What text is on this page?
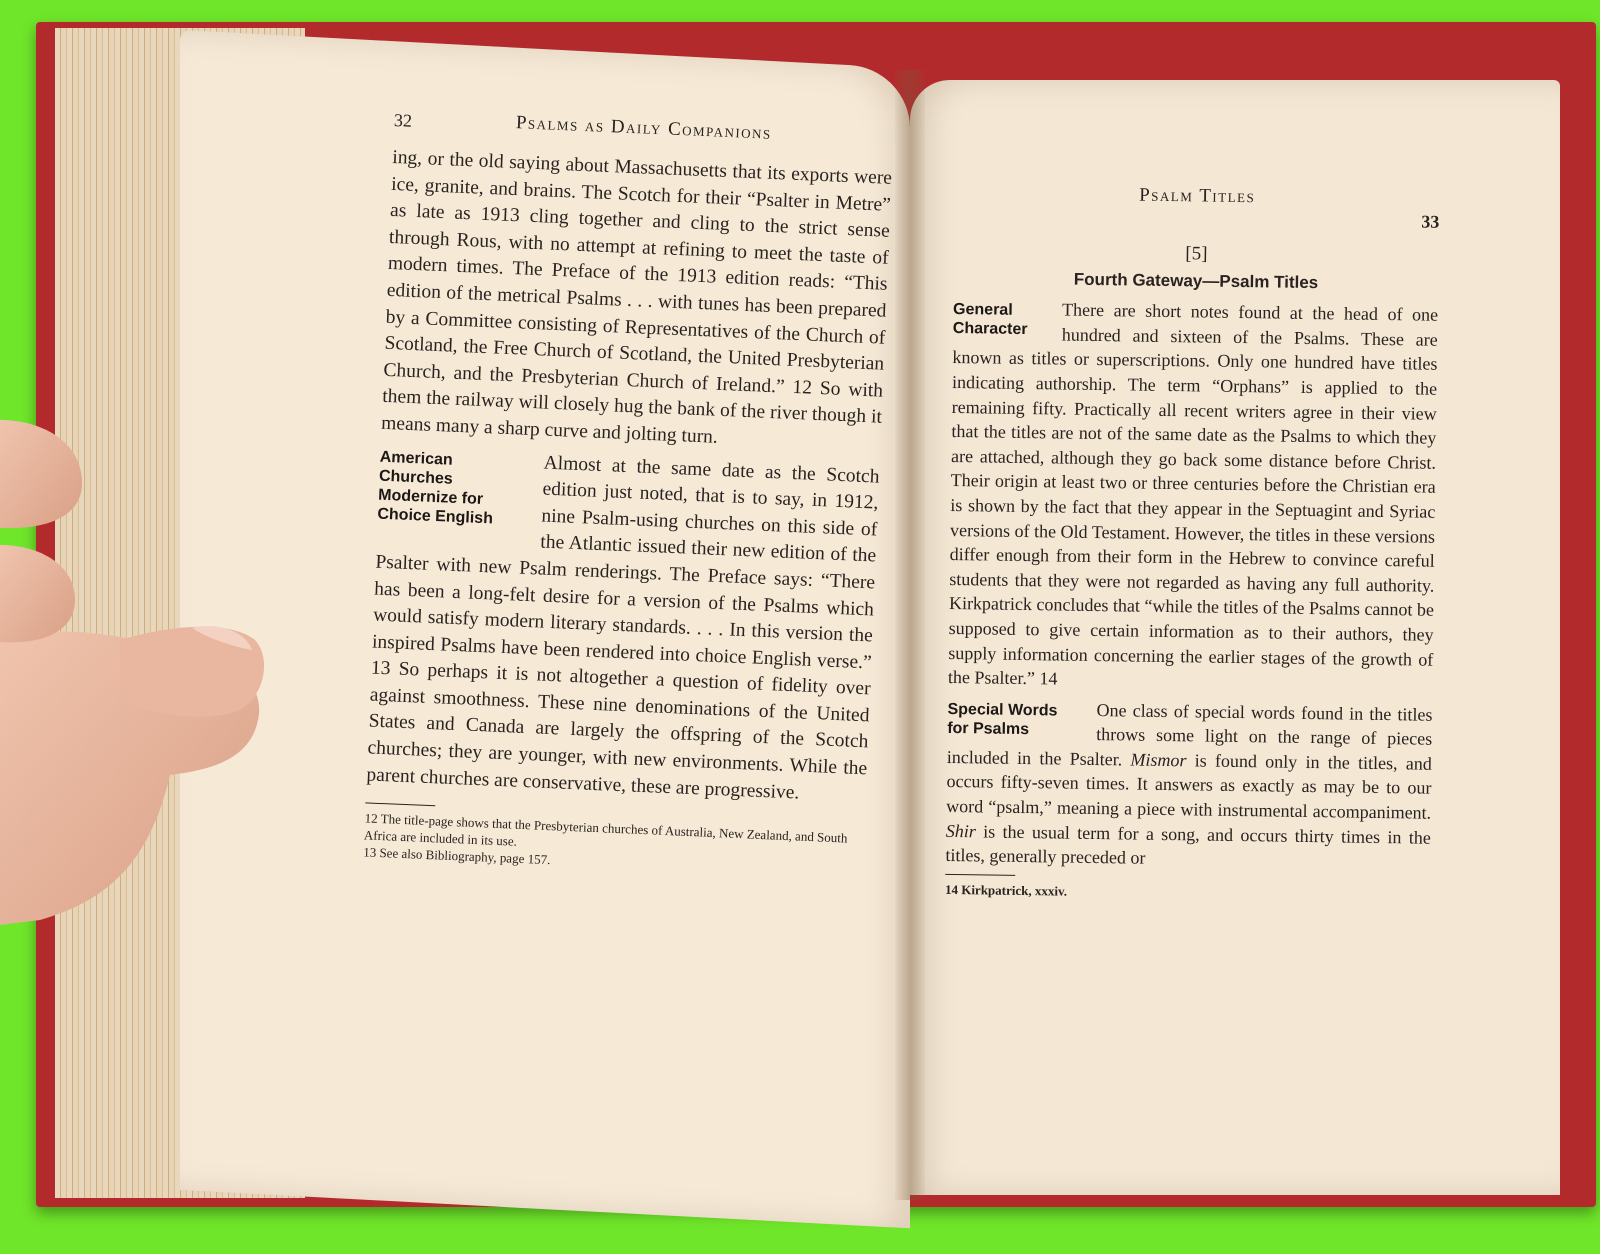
32	Psalms as Daily Companions

ing, or the old saying about Massachusetts that its exports were ice, granite, and brains. The Scotch for their “Psalter in Metre” as late as 1913 cling together and cling to the strict sense through Rous, with no attempt at refining to meet the taste of modern times. The Preface of the 1913 edition reads: “This edition of the metrical Psalms . . . with tunes has been prepared by a Committee consisting of Representatives of the Church of Scotland, the Free Church of Scotland, the United Presbyterian Church, and the Presbyterian Church of Ireland.” 12 So with them the railway will closely hug the bank of the river though it means many a sharp curve and jolting turn.

American Churches Modernize for Choice English

Almost at the same date as the Scotch edition just noted, that is to say, in 1912, nine Psalm-using churches on this side of the Atlantic issued their new edition of the Psalter with new Psalm renderings. The Preface says: “There has been a long-felt desire for a version of the Psalms which would satisfy modern literary standards. . . . In this version the inspired Psalms have been rendered into choice English verse.” 13 So perhaps it is not altogether a question of fidelity over against smoothness. These nine denominations of the United States and Canada are largely the offspring of the Scotch churches; they are younger, with new environments. While the parent churches are conservative, these are progressive.

12 The title-page shows that the Presbyterian churches of Australia, New Zealand, and South Africa are included in its use.

13 See also Bibliography, page 157.

Psalm Titles
33
[5]
Fourth Gateway—Psalm Titles
General Character

There are short notes found at the head of one hundred and sixteen of the Psalms. These are known as titles or superscriptions. Only one hundred have titles indicating authorship. The term “Orphans” is applied to the remaining fifty. Practically all recent writers agree in their view that the titles are not of the same date as the Psalms to which they are attached, although they go back some distance before Christ. Their origin at least two or three centuries before the Christian era is shown by the fact that they appear in the Septuagint and Syriac versions of the Old Testament. However, the titles in these versions differ enough from their form in the Hebrew to convince careful students that they were not regarded as having any full authority. Kirkpatrick concludes that “while the titles of the Psalms cannot be supposed to give certain information as to their authors, they supply information concerning the earlier stages of the growth of the Psalter.” 14

Special Words for Psalms

One class of special words found in the titles throws some light on the range of pieces included in the Psalter. Mismor is found only in the titles, and occurs fifty-seven times. It answers as exactly as may be to our word “psalm,” meaning a piece with instrumental accompaniment. Shir is the usual term for a song, and occurs thirty times in the titles, generally preceded or

14 Kirkpatrick, xxxiv.
